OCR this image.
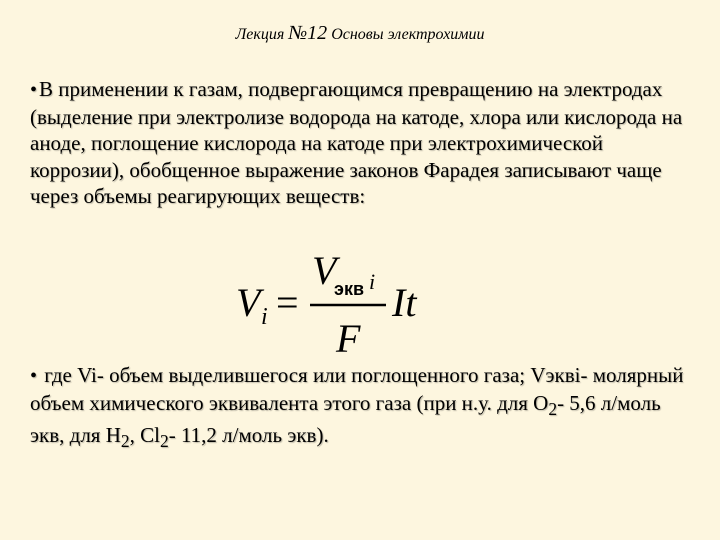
Лекция №12 Основы электрохимии
•В применении к газам, подвергающимся превращению на электродах (выделение при электролизе водорода на катоде, хлора или кислорода на аноде, поглощение кислорода на катоде при электрохимической коррозии), обобщенное выражение законов Фарадея записывают чаще через объемы реагирующих веществ:
V i =
V
экв i
F
It
• где Vi- объем выделившегося или поглощенного газа; Vэквi- молярный объем химического эквивалента этого газа (при н.у. для $O_2-$ 5,6 л/моль экв, для $H_2$, $Cl_2-$ 11,2 л/моль экв).
